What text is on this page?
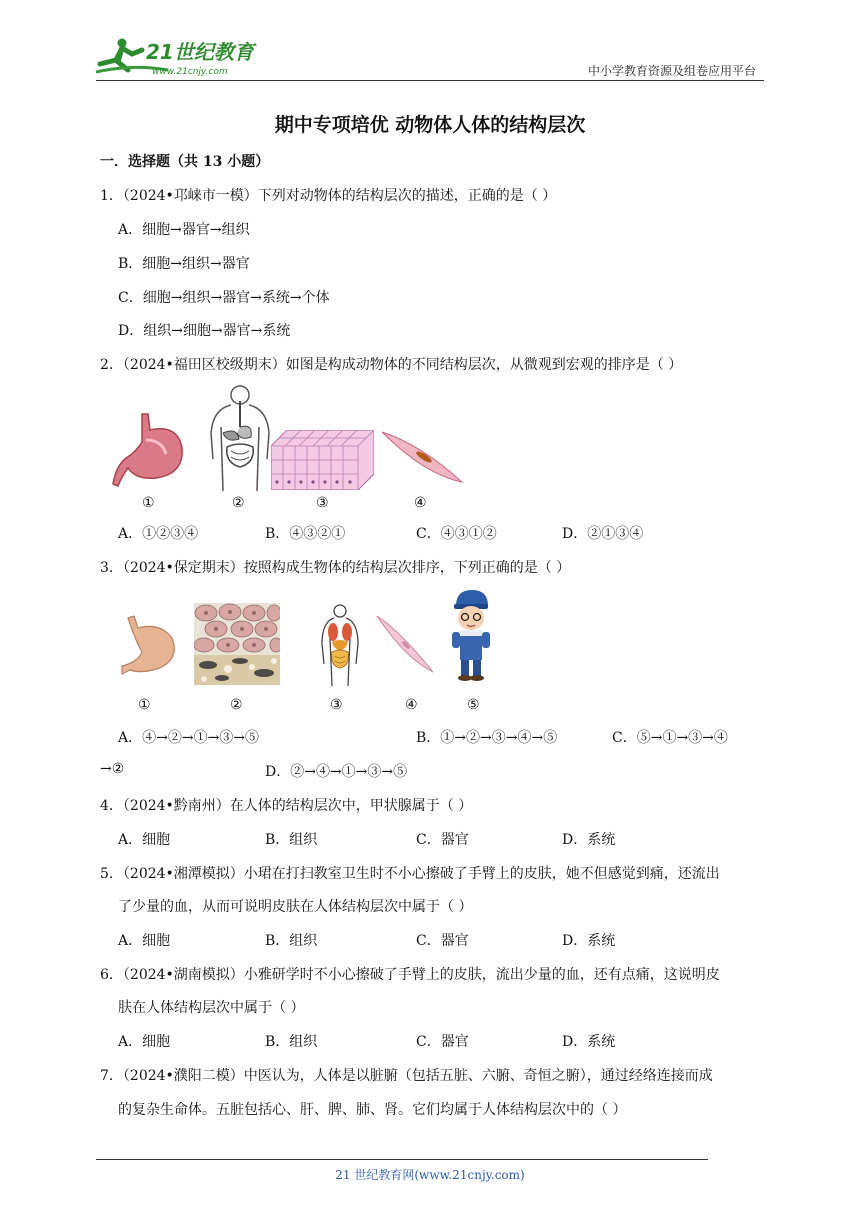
21世纪教育
www.21cnjy.com	中小学教育资源及组卷应用平台
期中专项培优 动物体人体的结构层次
一．选择题（共 13 小题）
1．（2024•邛崃市一模）下列对动物体的结构层次的描述，正确的是（ ）
A．细胞→器官→组织
B．细胞→组织→器官
C．细胞→组织→器官→系统→个体
D．组织→细胞→器官→系统
2．（2024•福田区校级期末）如图是构成动物体的不同结构层次，从微观到宏观的排序是（ ）
①	②	③	④
A．①②③④	B．④③②①	C．④③①②	D．②①③④
3．（2024•保定期末）按照构成生物体的结构层次排序，下列正确的是（ ）
①	②	③	④	⑤
A．④→②→①→③→⑤	B．①→②→③→④→⑤	C．⑤→①→③→④
→②	D．②→④→①→③→⑤
4．（2024•黔南州）在人体的结构层次中，甲状腺属于（ ）
A．细胞	B．组织	C．器官	D．系统
5．（2024•湘潭模拟）小珺在打扫教室卫生时不小心擦破了手臂上的皮肤，她不但感觉到痛，还流出
了少量的血，从而可说明皮肤在人体结构层次中属于（ ）
A．细胞	B．组织	C．器官	D．系统
6．（2024•湖南模拟）小雅研学时不小心擦破了手臂上的皮肤，流出少量的血，还有点痛，这说明皮
肤在人体结构层次中属于（ ）
A．细胞	B．组织	C．器官	D．系统
7．（2024•濮阳二模）中医认为，人体是以脏腑（包括五脏、六腑、奇恒之腑），通过经络连接而成
的复杂生命体。五脏包括心、肝、脾、肺、肾。它们均属于人体结构层次中的（ ）
21 世纪教育网(www.21cnjy.com)
